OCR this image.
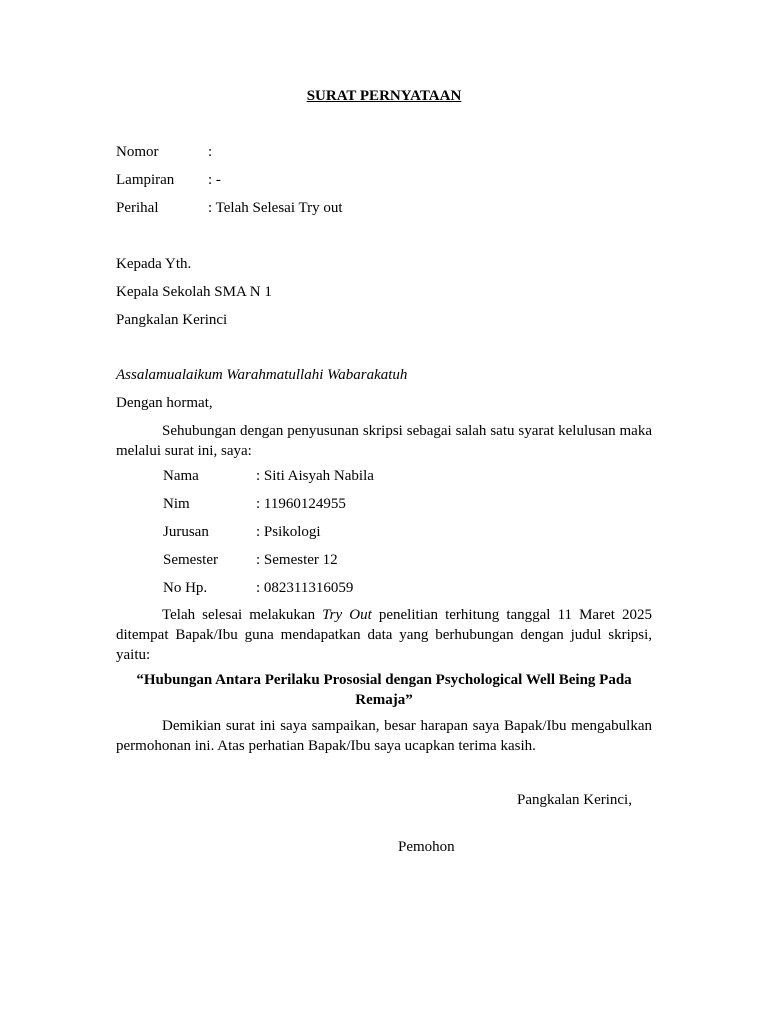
SURAT PERNYATAAN
Nomor	:
Lampiran : -
Perihal	: Telah Selesai Try out
Kepada Yth.
Kepala Sekolah SMA N 1
Pangkalan Kerinci
Assalamualaikum Warahmatullahi Wabarakatuh
Dengan hormat,
Sehubungan dengan penyusunan skripsi sebagai salah satu syarat kelulusan maka melalui surat ini, saya:
Nama	: Siti Aisyah Nabila
Nim	: 11960124955
Jurusan	: Psikologi
Semester	: Semester 12
No Hp.	: 082311316059
Telah selesai melakukan Try Out penelitian terhitung tanggal 11 Maret 2025 ditempat Bapak/Ibu guna mendapatkan data yang berhubungan dengan judul skripsi, yaitu:
“Hubungan Antara Perilaku Prososial dengan Psychological Well Being Pada Remaja”
Demikian surat ini saya sampaikan, besar harapan saya Bapak/Ibu mengabulkan permohonan ini. Atas perhatian Bapak/Ibu saya ucapkan terima kasih.
Pangkalan Kerinci,
Pemohon
